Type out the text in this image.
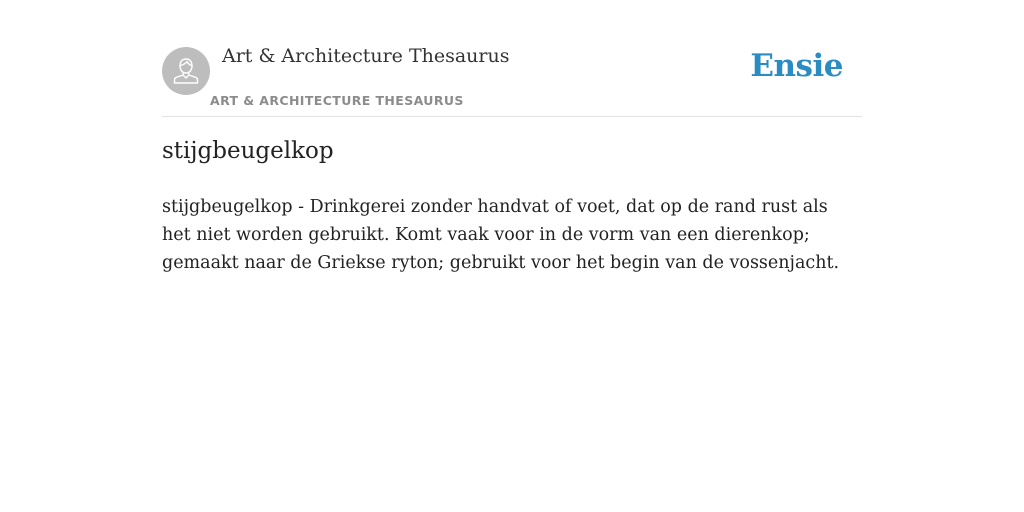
Art & Architecture Thesaurus
ART & ARCHITECTURE THESAURUS
Ensie
stijgbeugelkop

stijgbeugelkop - Drinkgerei zonder handvat of voet, dat op de rand rust als het niet worden gebruikt. Komt vaak voor in de vorm van een dierenkop; gemaakt naar de Griekse ryton; gebruikt voor het begin van de vossenjacht.
